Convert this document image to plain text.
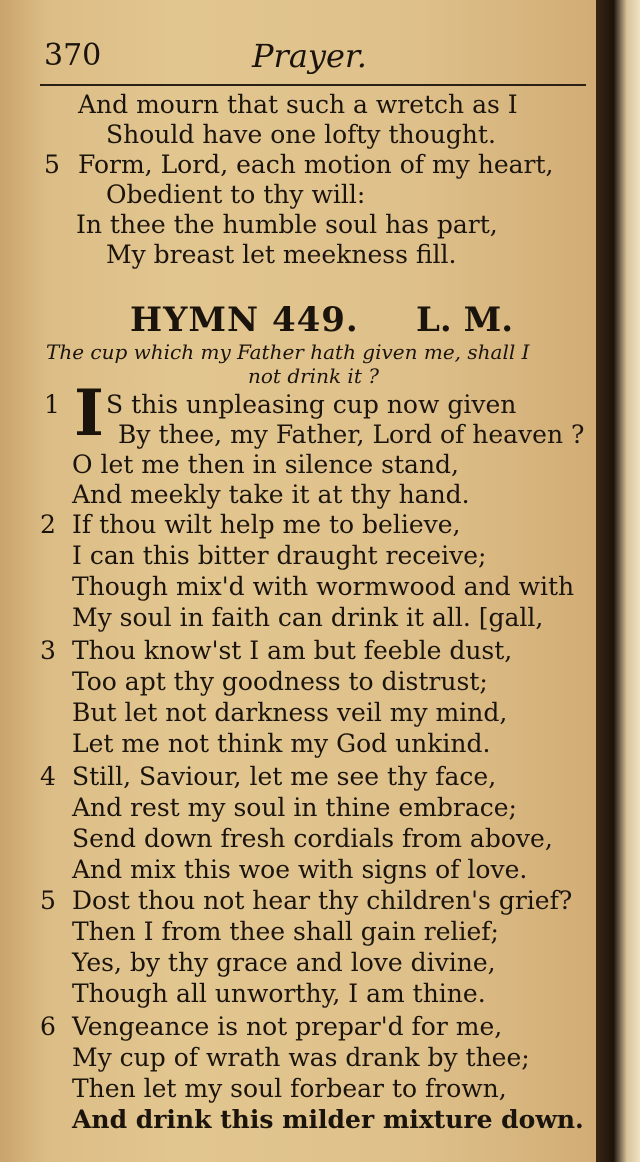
370	Prayer.
And mourn that such a wretch as I
Should have one lofty thought.
5 Form, Lord, each motion of my heart,
Obedient to thy will:
In thee the humble soul has part,
My breast let meekness fill.
HYMN 449. L. M.
The cup which my Father hath given me, shall I
not drink it ?
1 I S this unpleasing cup now given
By thee, my Father, Lord of heaven ?
O let me then in silence stand,
And meekly take it at thy hand.
2 If thou wilt help me to believe,
I can this bitter draught receive;
Though mix'd with wormwood and with
My soul in faith can drink it all. [gall,
3 Thou know'st I am but feeble dust,
Too apt thy goodness to distrust;
But let not darkness veil my mind,
Let me not think my God unkind.
4 Still, Saviour, let me see thy face,
And rest my soul in thine embrace;
Send down fresh cordials from above,
And mix this woe with signs of love.
5 Dost thou not hear thy children's grief?
Then I from thee shall gain relief;
Yes, by thy grace and love divine,
Though all unworthy, I am thine.
6 Vengeance is not prepar'd for me,
My cup of wrath was drank by thee;
Then let my soul forbear to frown,
And drink this milder mixture down.
